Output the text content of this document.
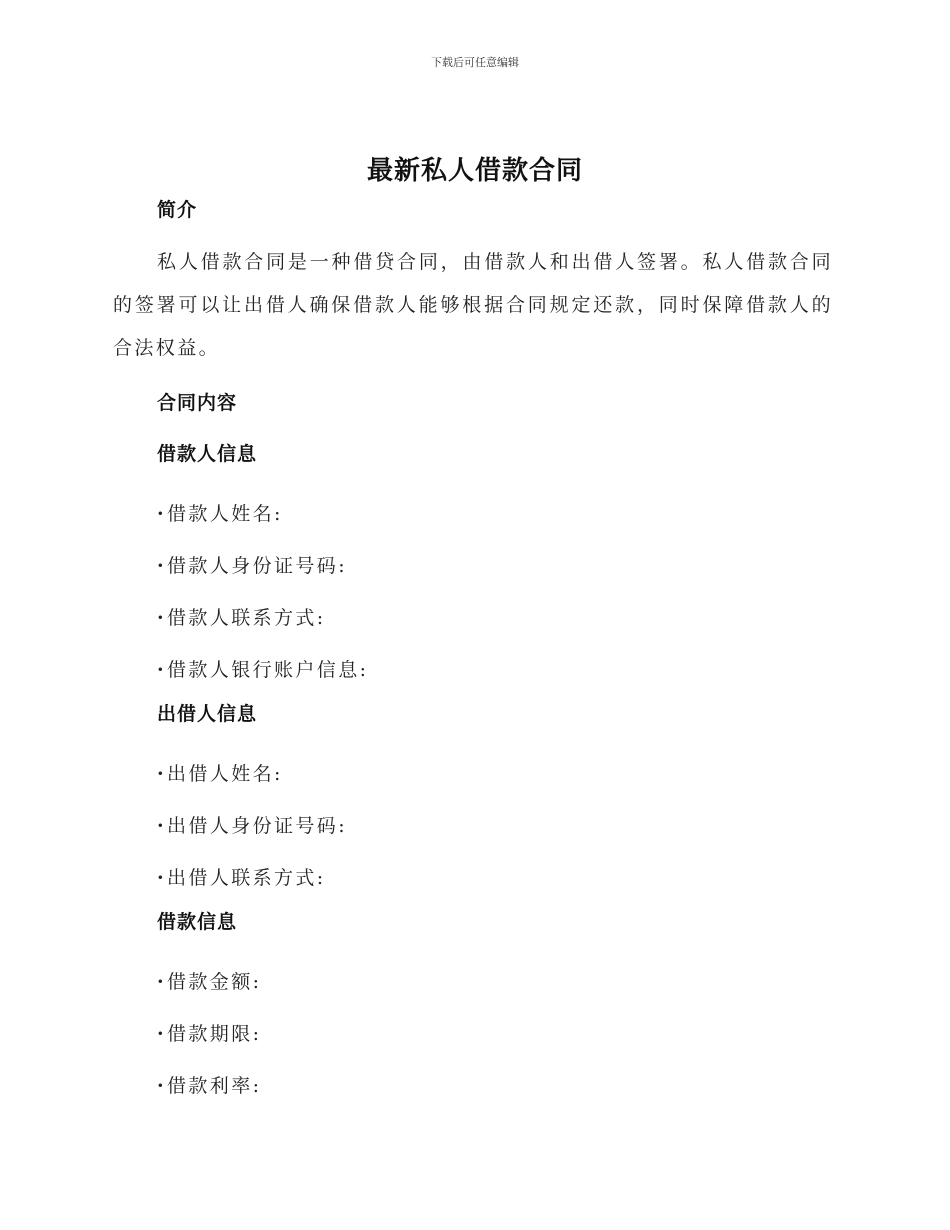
下载后可任意编辑
最新私人借款合同
简介
私人借款合同是一种借贷合同，由借款人和出借人签署。私人借款合同的签署可以让出借人确保借款人能够根据合同规定还款，同时保障借款人的合法权益。
合同内容
借款人信息
·借款人姓名:
·借款人身份证号码:
·借款人联系方式:
·借款人银行账户信息:
出借人信息
·出借人姓名:
·出借人身份证号码:
·出借人联系方式:
借款信息
·借款金额:
·借款期限:
·借款利率:
